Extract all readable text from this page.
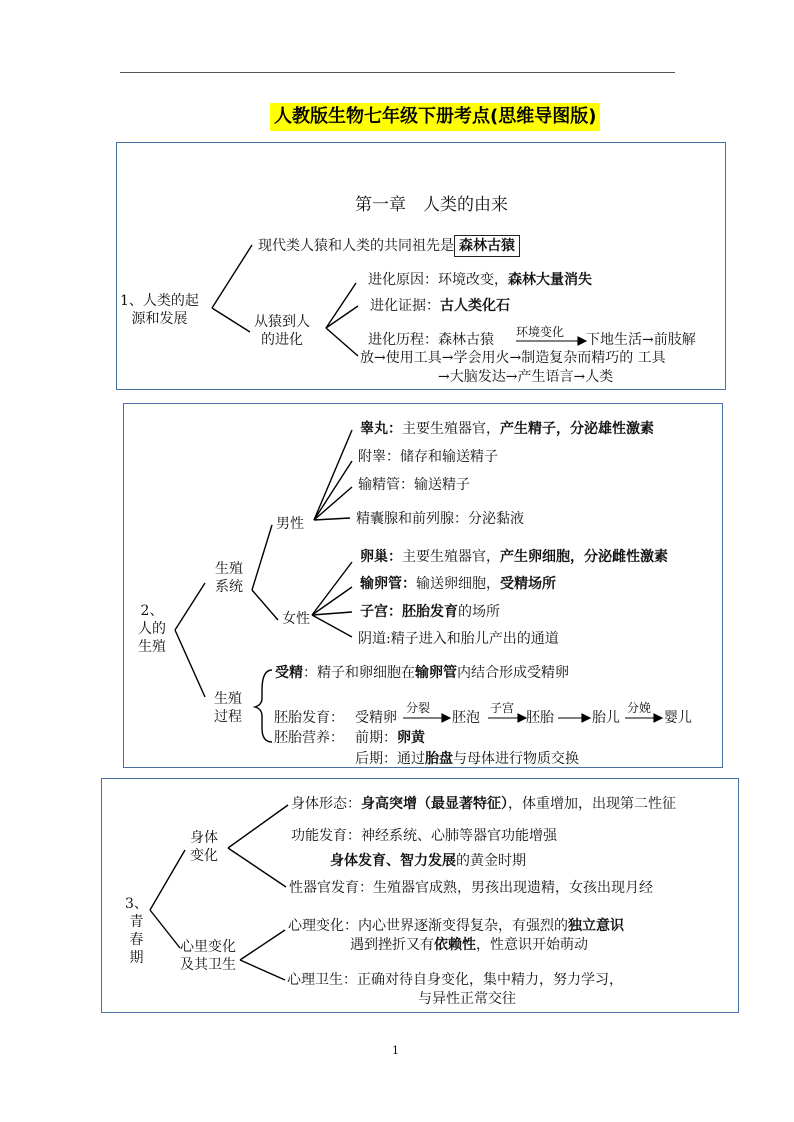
人教版生物七年级下册考点(思维导图版)
第一章　人类的由来
1、人类的起
源和发展
现代类人猿和人类的共同祖先是 森林古猿
从猿到人
的进化
进化原因：环境改变，森林大量消失
进化证据：古人类化石
进化历程：森林古猿 环境变化 下地生活→前肢解
放→使用工具→学会用火→制造复杂而精巧的 工具
→大脑发达→产生语言→人类
2、
人的
生殖
生殖
系统
男性
女性
睾丸：主要生殖器官，产生精子，分泌雄性激素
附睾：储存和输送精子
输精管：输送精子
精囊腺和前列腺：分泌黏液
卵巢：主要生殖器官，产生卵细胞，分泌雌性激素
输卵管：输送卵细胞，受精场所
子宫：胚胎发育的场所
阴道:精子进入和胎儿产出的通道
生殖
过程
受精：精子和卵细胞在输卵管内结合形成受精卵
胚胎发育： 受精卵	胚泡	胚胎	胎儿	婴儿
分裂	子宫	分娩
胚胎营养： 前期：卵黄
后期：通过胎盘与母体进行物质交换
3、
青
春
期
身体
变化
心里变化
及其卫生
身体形态：身高突增（最显著特征），体重增加，出现第二性征
功能发育：神经系统、心肺等器官功能增强
身体发育、智力发展的黄金时期
性器官发育：生殖器官成熟，男孩出现遗精，女孩出现月经
心理变化：内心世界逐渐变得复杂，有强烈的独立意识
遇到挫折又有依赖性，性意识开始萌动
心理卫生：正确对待自身变化，集中精力，努力学习，
与异性正常交往
1
